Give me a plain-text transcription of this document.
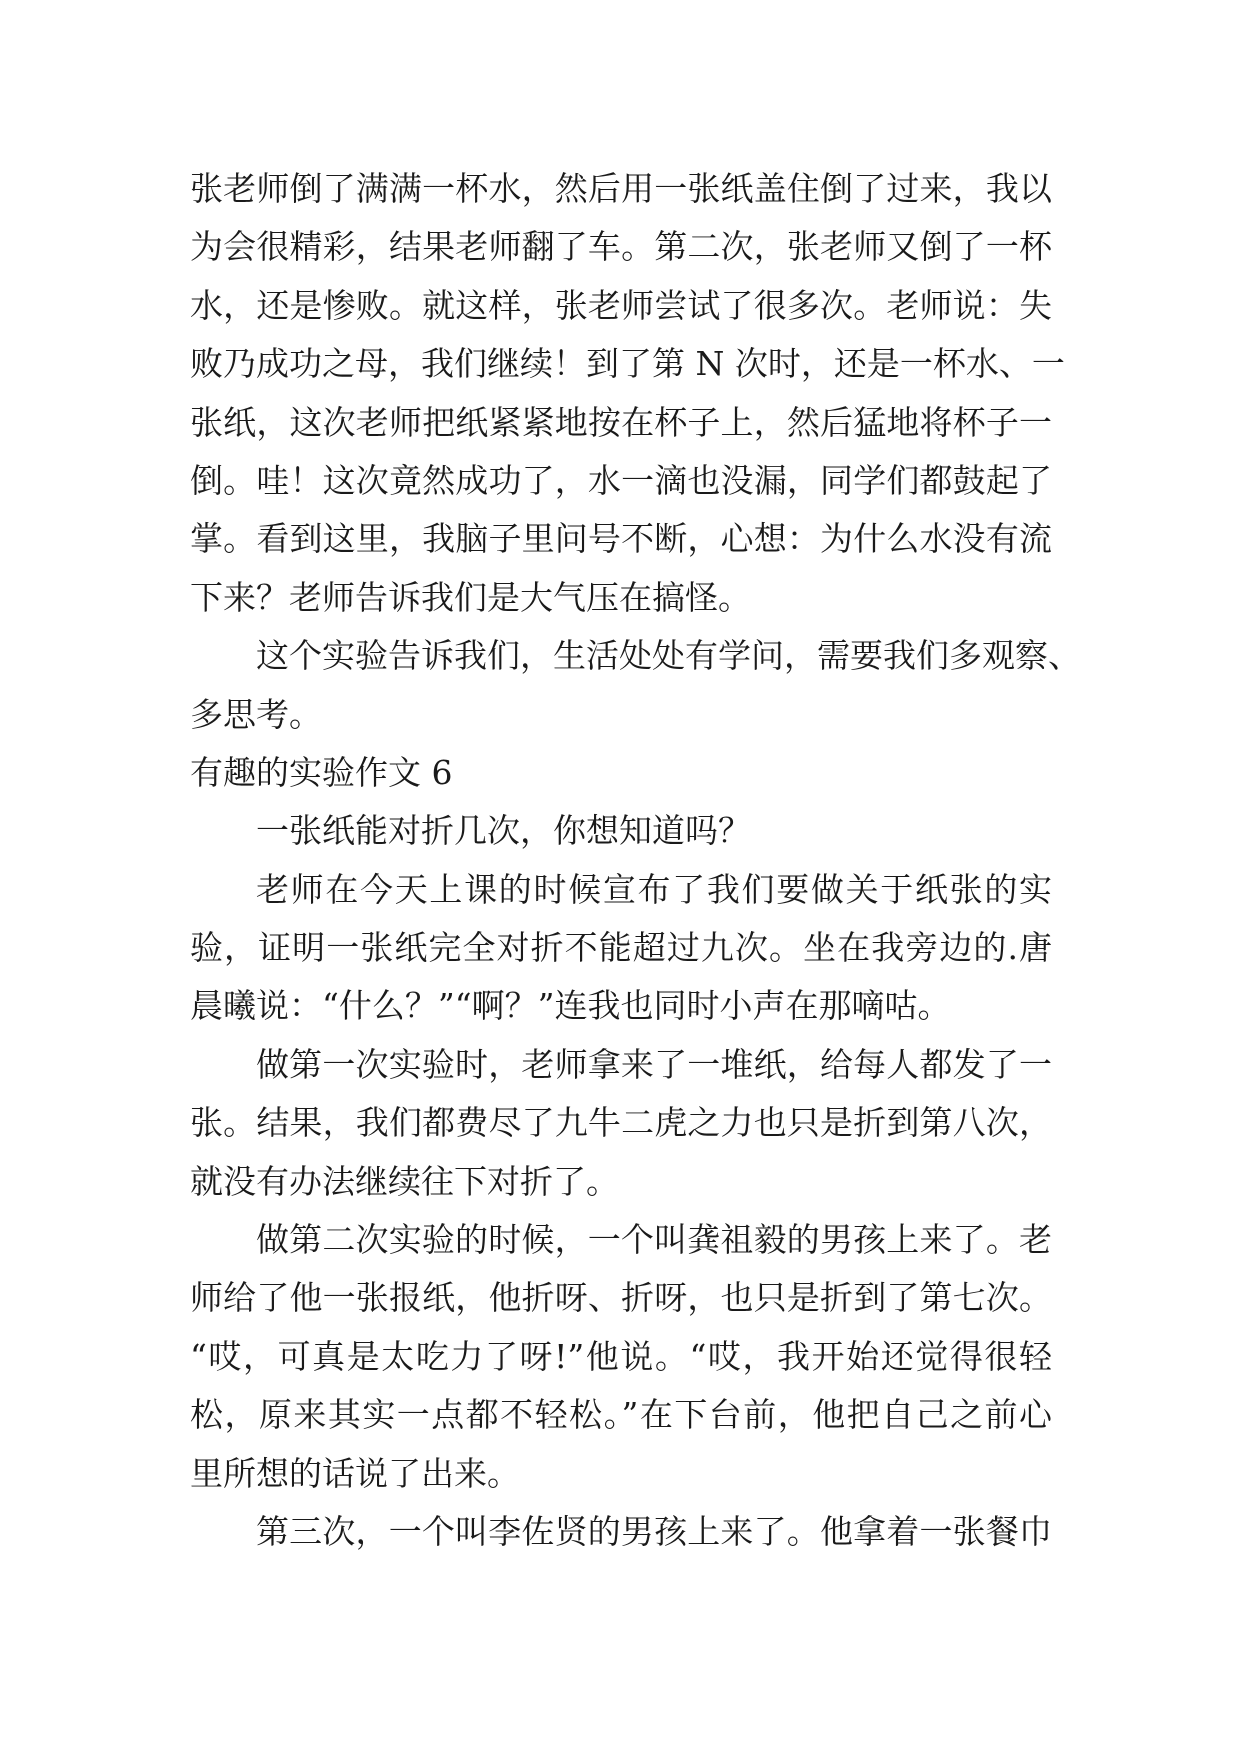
张老师倒了满满一杯水，然后用一张纸盖住倒了过来，我以
为会很精彩，结果老师翻了车。第二次，张老师又倒了一杯
水，还是惨败。就这样，张老师尝试了很多次。老师说：失
败乃成功之母，我们继续！到了第 N 次时，还是一杯水、一
张纸，这次老师把纸紧紧地按在杯子上，然后猛地将杯子一
倒。哇！这次竟然成功了，水一滴也没漏，同学们都鼓起了
掌。看到这里，我脑子里问号不断，心想：为什么水没有流
下来？老师告诉我们是大气压在搞怪。
这个实验告诉我们，生活处处有学问，需要我们多观察、
多思考。
有趣的实验作文 6
一张纸能对折几次，你想知道吗？
老师在今天上课的时候宣布了我们要做关于纸张的实
验，证明一张纸完全对折不能超过九次。坐在我旁边的.唐
晨曦说：“什么？”“啊？”连我也同时小声在那嘀咕。
做第一次实验时，老师拿来了一堆纸，给每人都发了一
张。结果，我们都费尽了九牛二虎之力也只是折到第八次，
就没有办法继续往下对折了。
做第二次实验的时候，一个叫龚祖毅的男孩上来了。老
师给了他一张报纸，他折呀、折呀，也只是折到了第七次。
“哎，可真是太吃力了呀!”他说。“哎，我开始还觉得很轻
松，原来其实一点都不轻松。”在下台前，他把自己之前心
里所想的话说了出来。
第三次，一个叫李佐贤的男孩上来了。他拿着一张餐巾
